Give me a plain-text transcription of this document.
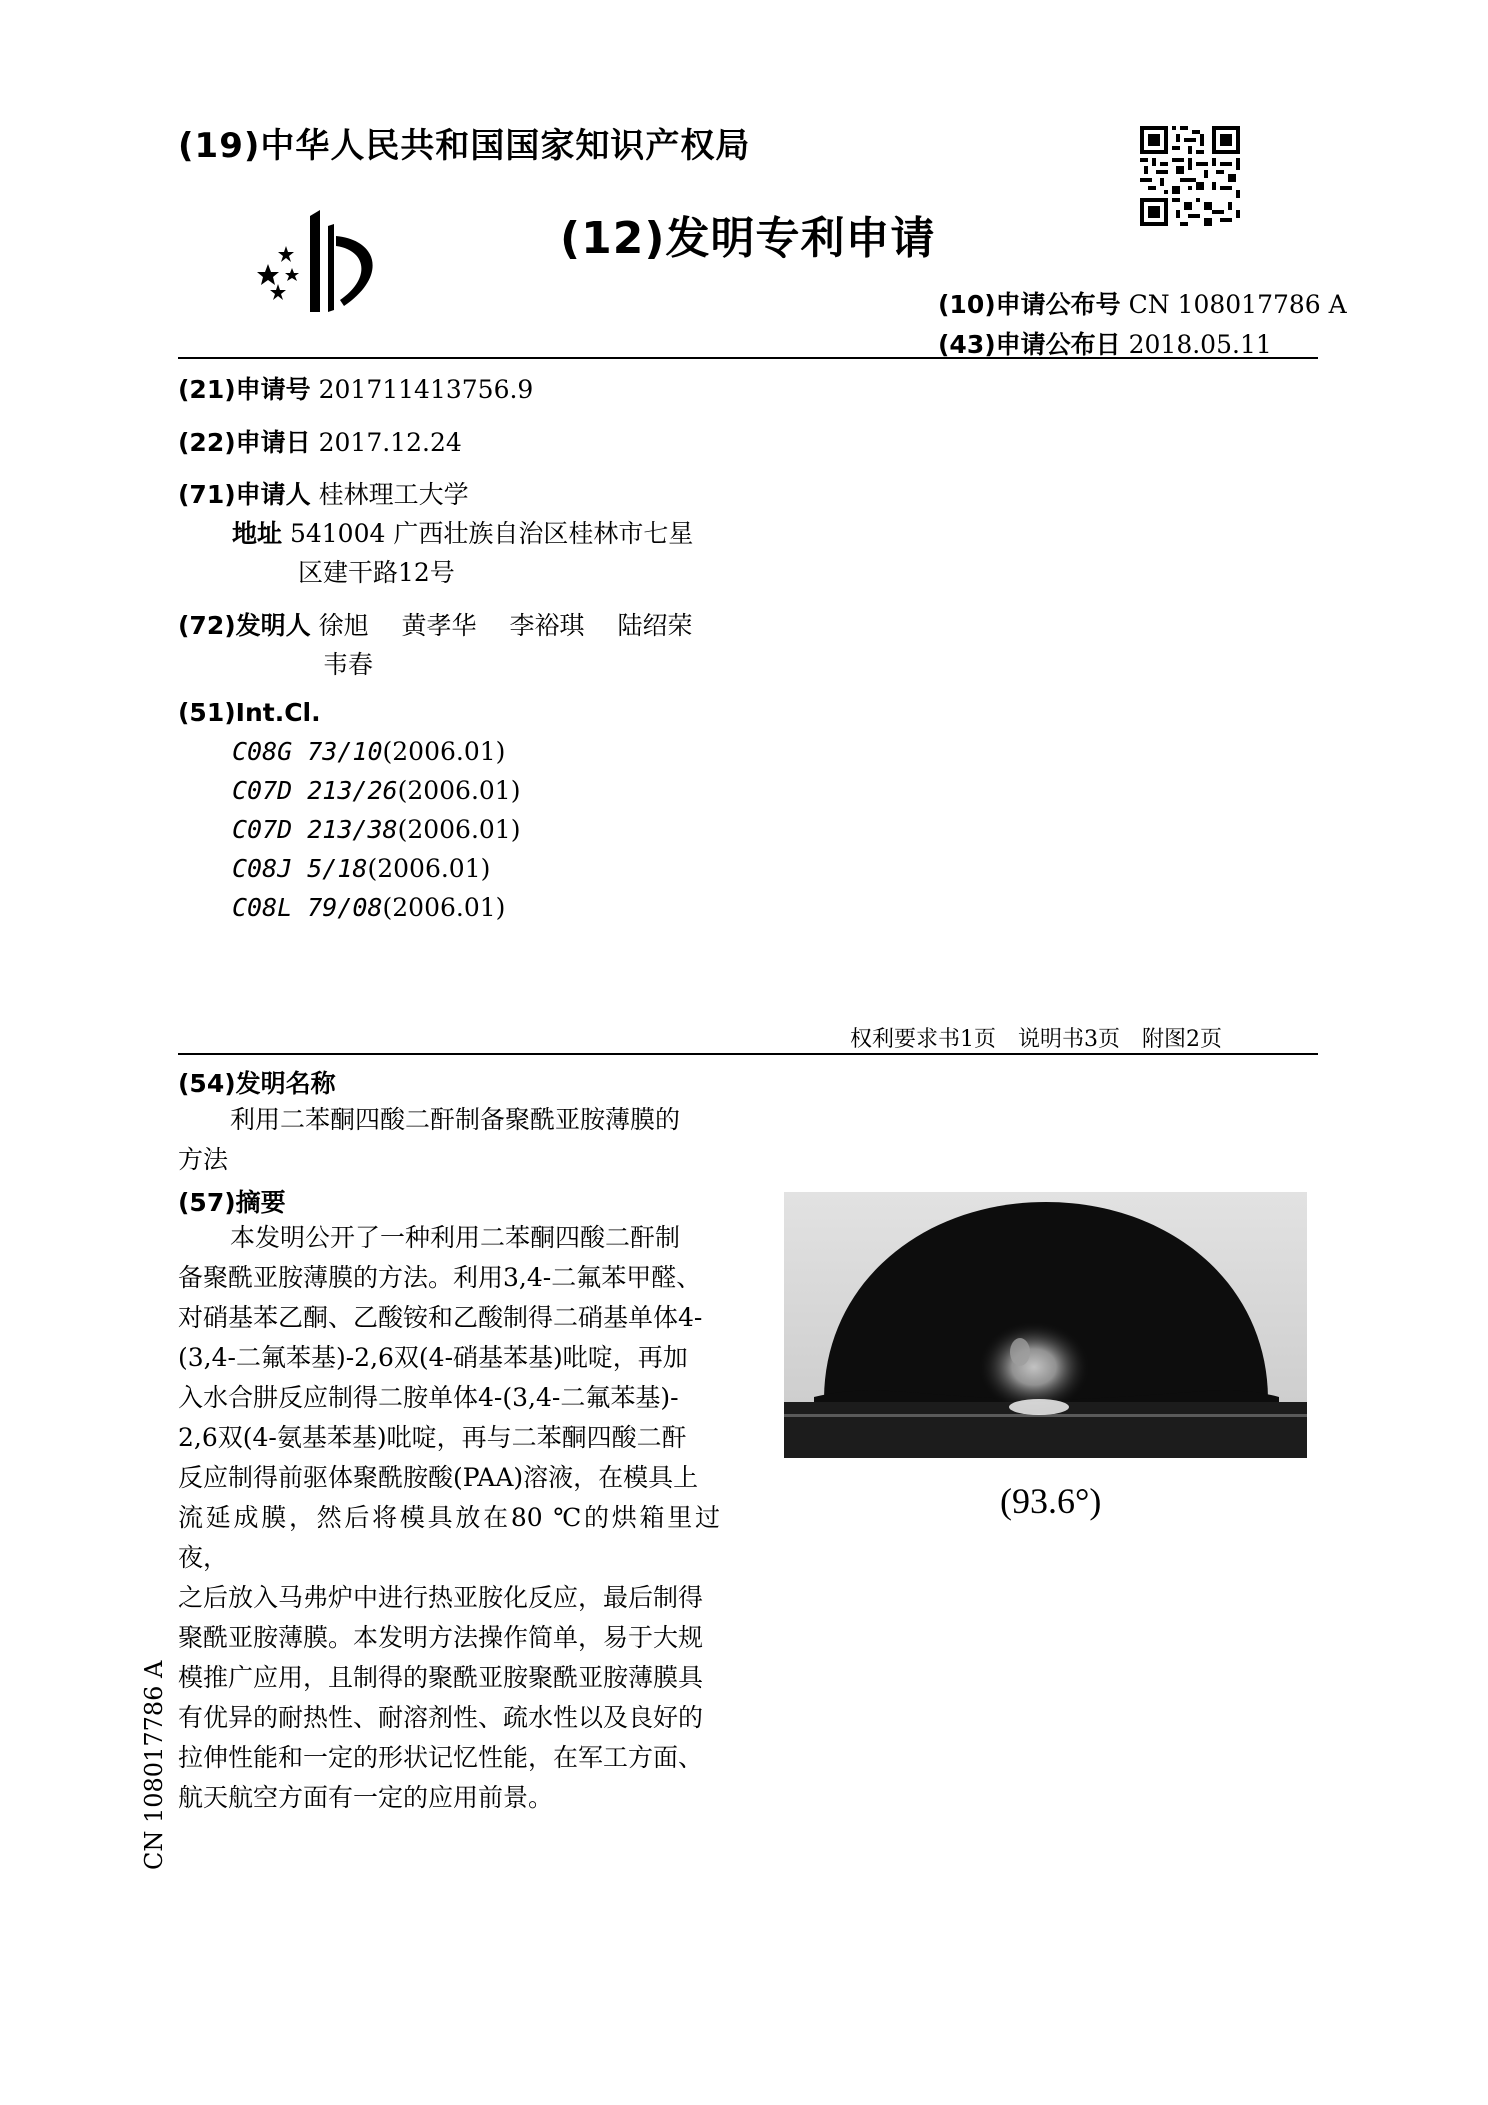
(19)中华人民共和国国家知识产权局
(12)发明专利申请
(10)申请公布号 CN 108017786 A
(43)申请公布日 2018.05.11
(21)申请号 201711413756.9
(22)申请日 2017.12.24
(71)申请人 桂林理工大学
地址 541004 广西壮族自治区桂林市七星
区建干路12号
(72)发明人 徐旭　 黄孝华　 李裕琪　 陆绍荣
韦春
(51)Int.Cl.
C08G 73/10(2006.01)
C07D 213/26(2006.01)
C07D 213/38(2006.01)
C08J 5/18(2006.01)
C08L 79/08(2006.01)
权利要求书1页　说明书3页　附图2页
(54)发明名称
利用二苯酮四酸二酐制备聚酰亚胺薄膜的
方法
(57)摘要
本发明公开了一种利用二苯酮四酸二酐制
备聚酰亚胺薄膜的方法。利用3,4-二氟苯甲醛、
对硝基苯乙酮、乙酸铵和乙酸制得二硝基单体4-
(3,4-二氟苯基)-2,6双(4-硝基苯基)吡啶，再加
入水合肼反应制得二胺单体4-(3,4-二氟苯基)-
2,6双(4-氨基苯基)吡啶，再与二苯酮四酸二酐
反应制得前驱体聚酰胺酸(PAA)溶液，在模具上
流延成膜，然后将模具放在80 ℃的烘箱里过夜，
之后放入马弗炉中进行热亚胺化反应，最后制得
聚酰亚胺薄膜。本发明方法操作简单，易于大规
模推广应用，且制得的聚酰亚胺聚酰亚胺薄膜具
有优异的耐热性、耐溶剂性、疏水性以及良好的
拉伸性能和一定的形状记忆性能，在军工方面、
航天航空方面有一定的应用前景。
(93.6°)
CN 108017786 A
